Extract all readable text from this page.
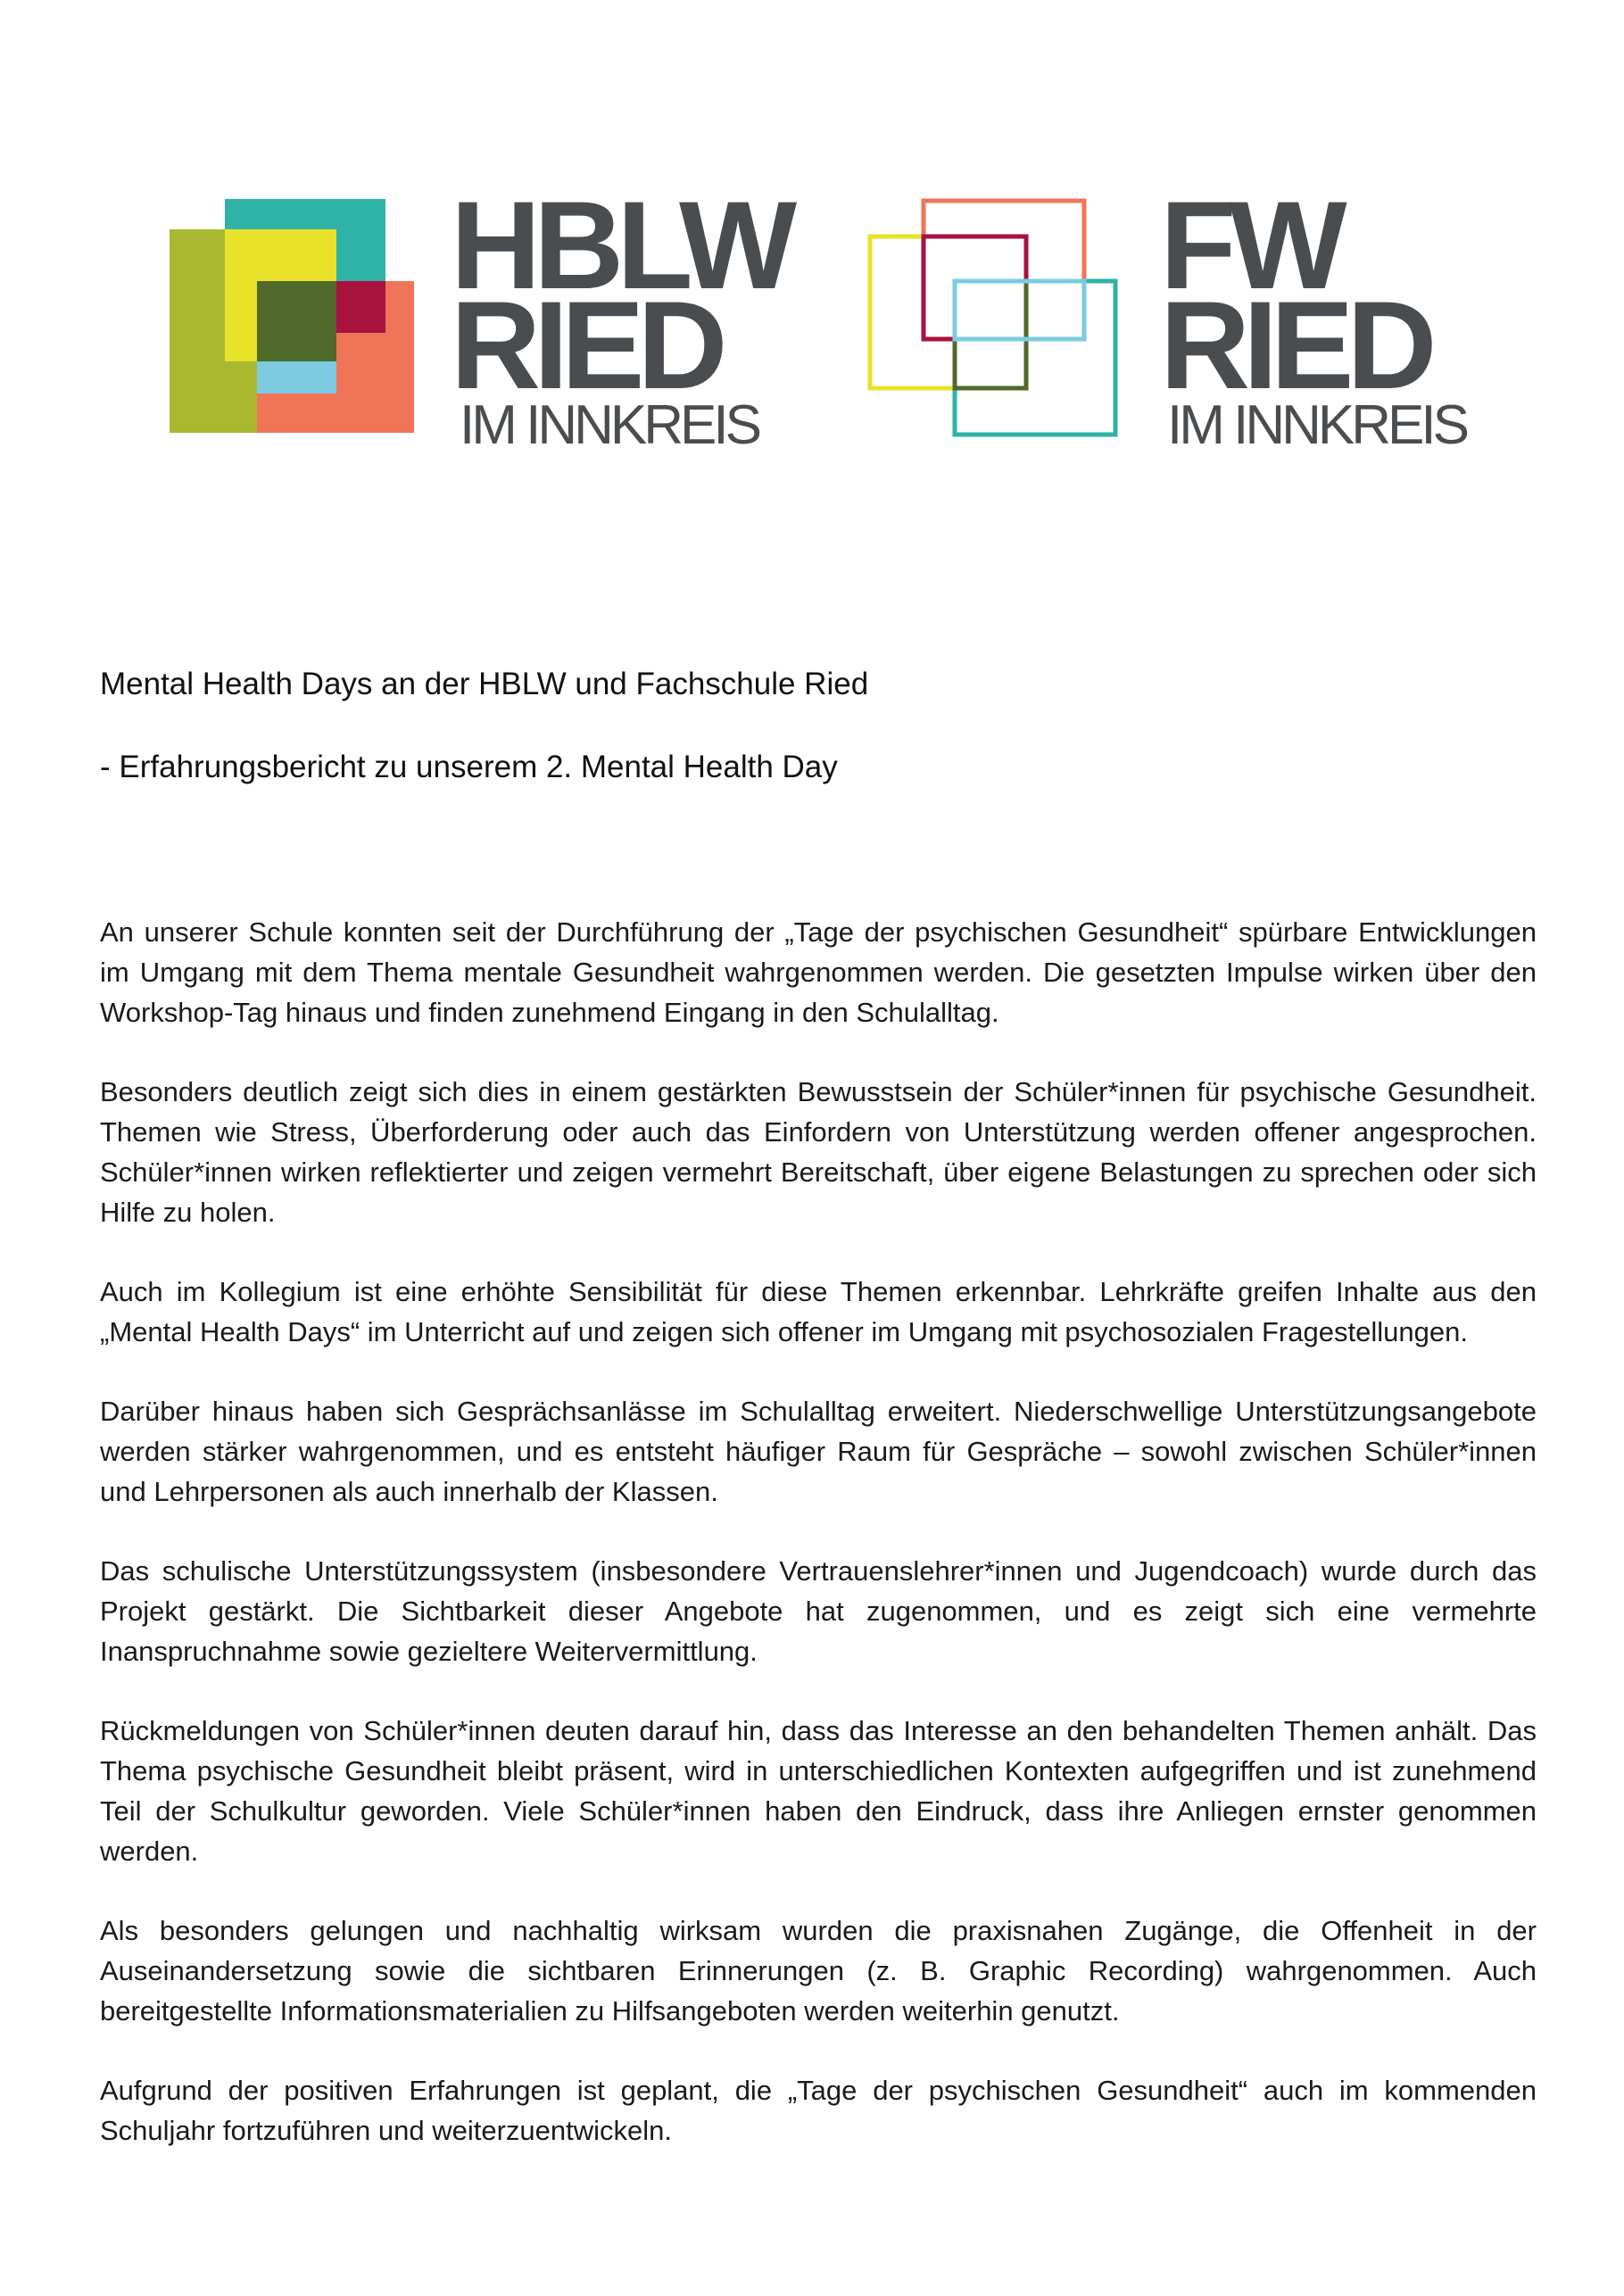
HBLW
RIED
IM INNKREIS
FW
RIED
IM INNKREIS
Mental Health Days an der HBLW und Fachschule Ried
- Erfahrungsbericht zu unserem 2. Mental Health Day

An unserer Schule konnten seit der Durchführung der „Tage der psychischen Gesundheit“ spürbare Entwicklungen im Umgang mit dem Thema mentale Gesundheit wahrgenommen werden. Die gesetzten Impulse wirken über den Workshop-Tag hinaus und finden zunehmend Eingang in den Schulalltag.

Besonders deutlich zeigt sich dies in einem gestärkten Bewusstsein der Schüler*innen für psychische Gesundheit. Themen wie Stress, Überforderung oder auch das Einfordern von Unterstützung werden offener angesprochen. Schüler*innen wirken reflektierter und zeigen vermehrt Bereitschaft, über eigene Belastungen zu sprechen oder sich Hilfe zu holen.

Auch im Kollegium ist eine erhöhte Sensibilität für diese Themen erkennbar. Lehrkräfte greifen Inhalte aus den „Mental Health Days“ im Unterricht auf und zeigen sich offener im Umgang mit psychosozialen Fragestellungen.

Darüber hinaus haben sich Gesprächsanlässe im Schulalltag erweitert. Niederschwellige Unterstützungsangebote werden stärker wahrgenommen, und es entsteht häufiger Raum für Gespräche – sowohl zwischen Schüler*innen und Lehrpersonen als auch innerhalb der Klassen.

Das schulische Unterstützungssystem (insbesondere Vertrauenslehrer*innen und Jugendcoach) wurde durch das Projekt gestärkt. Die Sichtbarkeit dieser Angebote hat zugenommen, und es zeigt sich eine vermehrte Inanspruchnahme sowie gezieltere Weitervermittlung.

Rückmeldungen von Schüler*innen deuten darauf hin, dass das Interesse an den behandelten Themen anhält. Das Thema psychische Gesundheit bleibt präsent, wird in unterschiedlichen Kontexten aufgegriffen und ist zunehmend Teil der Schulkultur geworden. Viele Schüler*innen haben den Eindruck, dass ihre Anliegen ernster genommen werden.

Als besonders gelungen und nachhaltig wirksam wurden die praxisnahen Zugänge, die Offenheit in der Auseinandersetzung sowie die sichtbaren Erinnerungen (z. B. Graphic Recording) wahrgenommen. Auch bereitgestellte Informationsmaterialien zu Hilfsangeboten werden weiterhin genutzt.

Aufgrund der positiven Erfahrungen ist geplant, die „Tage der psychischen Gesundheit“ auch im kommenden Schuljahr fortzuführen und weiterzuentwickeln.
